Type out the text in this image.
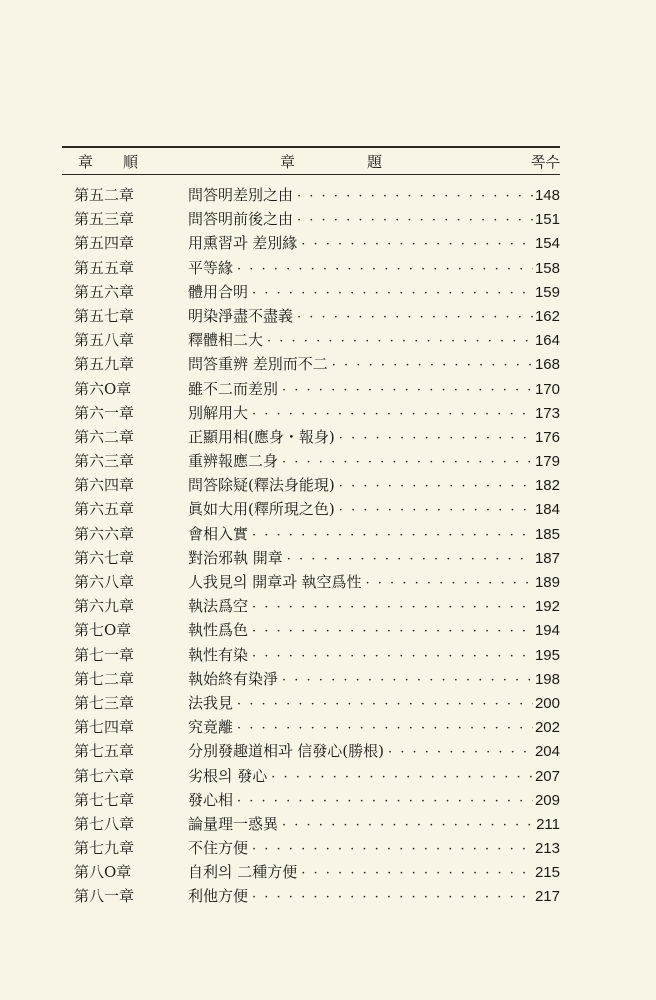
章順	章題	쪽수
第五二章	問答明差別之由 · · ·	148
第五三章	問答明前後之由 · · ·	151
第五四章	用熏習과 差別緣 · · ·	154
第五五章	平等緣 · · ·	158
第五六章	體用合明 · · ·	159
第五七章	明染淨盡不盡義 · · ·	162
第五八章	釋體相二大 · · ·	164
第五九章	問答重辨 差別而不二 · · ·	168
第六O章	雖不二而差別 · · ·	170
第六一章	別解用大 · · ·	173
第六二章	正顯用相(應身・報身) · · ·	176
第六三章	重辨報應二身 · · ·	179
第六四章	問答除疑(釋法身能現) · · ·	182
第六五章	眞如大用(釋所現之色) · · ·	184
第六六章	會相入實 · · ·	185
第六七章	對治邪執 開章 · · ·	187
第六八章	人我見의 開章과 執空爲性 · · ·	189
第六九章	執法爲空 · · ·	192
第七O章	執性爲色 · · ·	194
第七一章	執性有染 · · ·	195
第七二章	執始終有染淨 · · ·	198
第七三章	法我見 · · ·	200
第七四章	究竟離 · · ·	202
第七五章	分別發趣道相과 信發心(勝根) · · ·	204
第七六章	劣根의 發心 · · ·	207
第七七章	發心相 · · ·	209
第七八章	論量理一惑異 · · ·	211
第七九章	不住方便 · · ·	213
第八O章	自利의 二種方便 · · ·	215
第八一章	利他方便 · · ·	217
